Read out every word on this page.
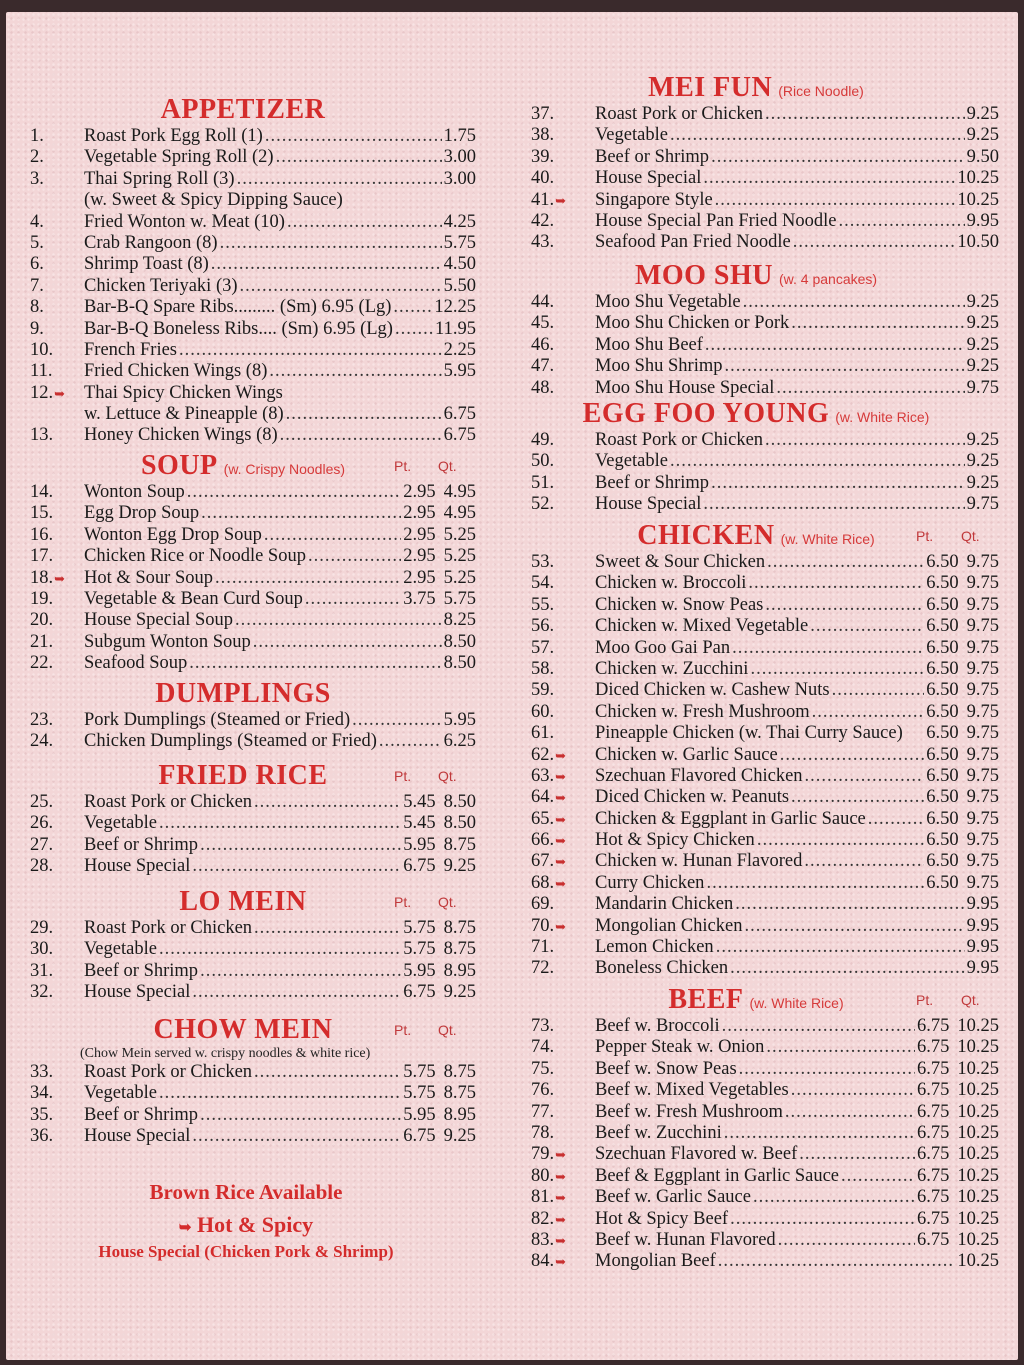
APPETIZER
1.	Roast Pork Egg Roll (1) .....	1.75
2.	Vegetable Spring Roll (2) .....	3.00
3.	Thai Spring Roll (3) .....	3.00
(w. Sweet & Spicy Dipping Sauce)
4.	Fried Wonton w. Meat (10) .....	4.25
5.	Crab Rangoon (8) .....	5.75
6.	Shrimp Toast (8) .....	4.50
7.	Chicken Teriyaki (3) .....	5.50
8.	Bar-B-Q Spare Ribs......... (Sm) 6.95 (Lg) ..... 12.25
9.	Bar-B-Q Boneless Ribs.... (Sm) 6.95 (Lg) ..... 11.95
10.	French Fries .....	2.25
11.	Fried Chicken Wings (8) .....	5.95
12.➥ Thai Spicy Chicken Wings
w. Lettuce & Pineapple (8) .....	6.75
13.	Honey Chicken Wings (8) .....	6.75
SOUP (w. Crispy Noodles)	Pt. Qt.
14.	Wonton Soup .....	2.95 4.95
15.	Egg Drop Soup .....	2.95 4.95
16.	Wonton Egg Drop Soup .....	2.95 5.25
17.	Chicken Rice or Noodle Soup .....	2.95 5.25
18.➥ Hot & Sour Soup .....	2.95 5.25
19.	Vegetable & Bean Curd Soup .....	3.75 5.75
20.	House Special Soup .....	8.25
21.	Subgum Wonton Soup .....	8.50
22.	Seafood Soup .....	8.50
DUMPLINGS
23.	Pork Dumplings (Steamed or Fried) .....	5.95
24.	Chicken Dumplings (Steamed or Fried) .....	6.25
FRIED RICE	Pt. Qt.
25.	Roast Pork or Chicken .....	5.45 8.50
26.	Vegetable .....	5.45 8.50
27.	Beef or Shrimp .....	5.95 8.75
28.	House Special .....	6.75 9.25
LO MEIN	Pt. Qt.
29.	Roast Pork or Chicken .....	5.75 8.75
30.	Vegetable .....	5.75 8.75
31.	Beef or Shrimp .....	5.95 8.95
32.	House Special .....	6.75 9.25
CHOW MEIN	Pt. Qt.
(Chow Mein served w. crispy noodles & white rice)
33.	Roast Pork or Chicken .....	5.75 8.75
34.	Vegetable .....	5.75 8.75
35.	Beef or Shrimp .....	5.95 8.95
36.	House Special .....	6.75 9.25
MEI FUN (Rice Noodle)
37.	Roast Pork or Chicken .....	9.25
38.	Vegetable .....	9.25
39.	Beef or Shrimp .....	9.50
40.	House Special .....	10.25
41.➥ Singapore Style .....	10.25
42.	House Special Pan Fried Noodle .....	9.95
43.	Seafood Pan Fried Noodle .....	10.50
MOO SHU (w. 4 pancakes)
44.	Moo Shu Vegetable .....	9.25
45.	Moo Shu Chicken or Pork .....	9.25
46.	Moo Shu Beef .....	9.25
47.	Moo Shu Shrimp .....	9.25
48.	Moo Shu House Special .....	9.75
EGG FOO YOUNG (w. White Rice)
49.	Roast Pork or Chicken .....	9.25
50.	Vegetable .....	9.25
51.	Beef or Shrimp .....	9.25
52.	House Special .....	9.75
CHICKEN (w. White Rice)	Pt. Qt.
53.	Sweet & Sour Chicken .....	6.50 9.75
54.	Chicken w. Broccoli .....	6.50 9.75
55.	Chicken w. Snow Peas .....	6.50 9.75
56.	Chicken w. Mixed Vegetable .....	6.50 9.75
57.	Moo Goo Gai Pan .....	6.50 9.75
58.	Chicken w. Zucchini .....	6.50 9.75
59.	Diced Chicken w. Cashew Nuts .....	6.50 9.75
60.	Chicken w. Fresh Mushroom .....	6.50 9.75
61.	Pineapple Chicken (w. Thai Curry Sauce) 6.50 9.75
62.➥ Chicken w. Garlic Sauce .....	6.50 9.75
63.➥ Szechuan Flavored Chicken .....	6.50 9.75
64.➥ Diced Chicken w. Peanuts .....	6.50 9.75
65.➥ Chicken & Eggplant in Garlic Sauce .....	6.50 9.75
66.➥ Hot & Spicy Chicken .....	6.50 9.75
67.➥ Chicken w. Hunan Flavored .....	6.50 9.75
68.➥ Curry Chicken .....	6.50 9.75
69.	Mandarin Chicken .....	9.95
70.➥ Mongolian Chicken .....	9.95
71.	Lemon Chicken .....	9.95
72.	Boneless Chicken .....	9.95
BEEF (w. White Rice)	Pt. Qt.
73.	Beef w. Broccoli .....	6.75 10.25
74.	Pepper Steak w. Onion .....	6.75 10.25
75.	Beef w. Snow Peas .....	6.75 10.25
76.	Beef w. Mixed Vegetables .....	6.75 10.25
77.	Beef w. Fresh Mushroom .....	6.75 10.25
78.	Beef w. Zucchini .....	6.75 10.25
79.➥ Szechuan Flavored w. Beef .....	6.75 10.25
80.➥ Beef & Eggplant in Garlic Sauce .....	6.75 10.25
81.➥ Beef w. Garlic Sauce .....	6.75 10.25
82.➥ Hot & Spicy Beef .....	6.75 10.25
83.➥ Beef w. Hunan Flavored .....	6.75 10.25
84.➥ Mongolian Beef .....	10.25
Brown Rice Available
➥ Hot & Spicy
House Special (Chicken Pork & Shrimp)
